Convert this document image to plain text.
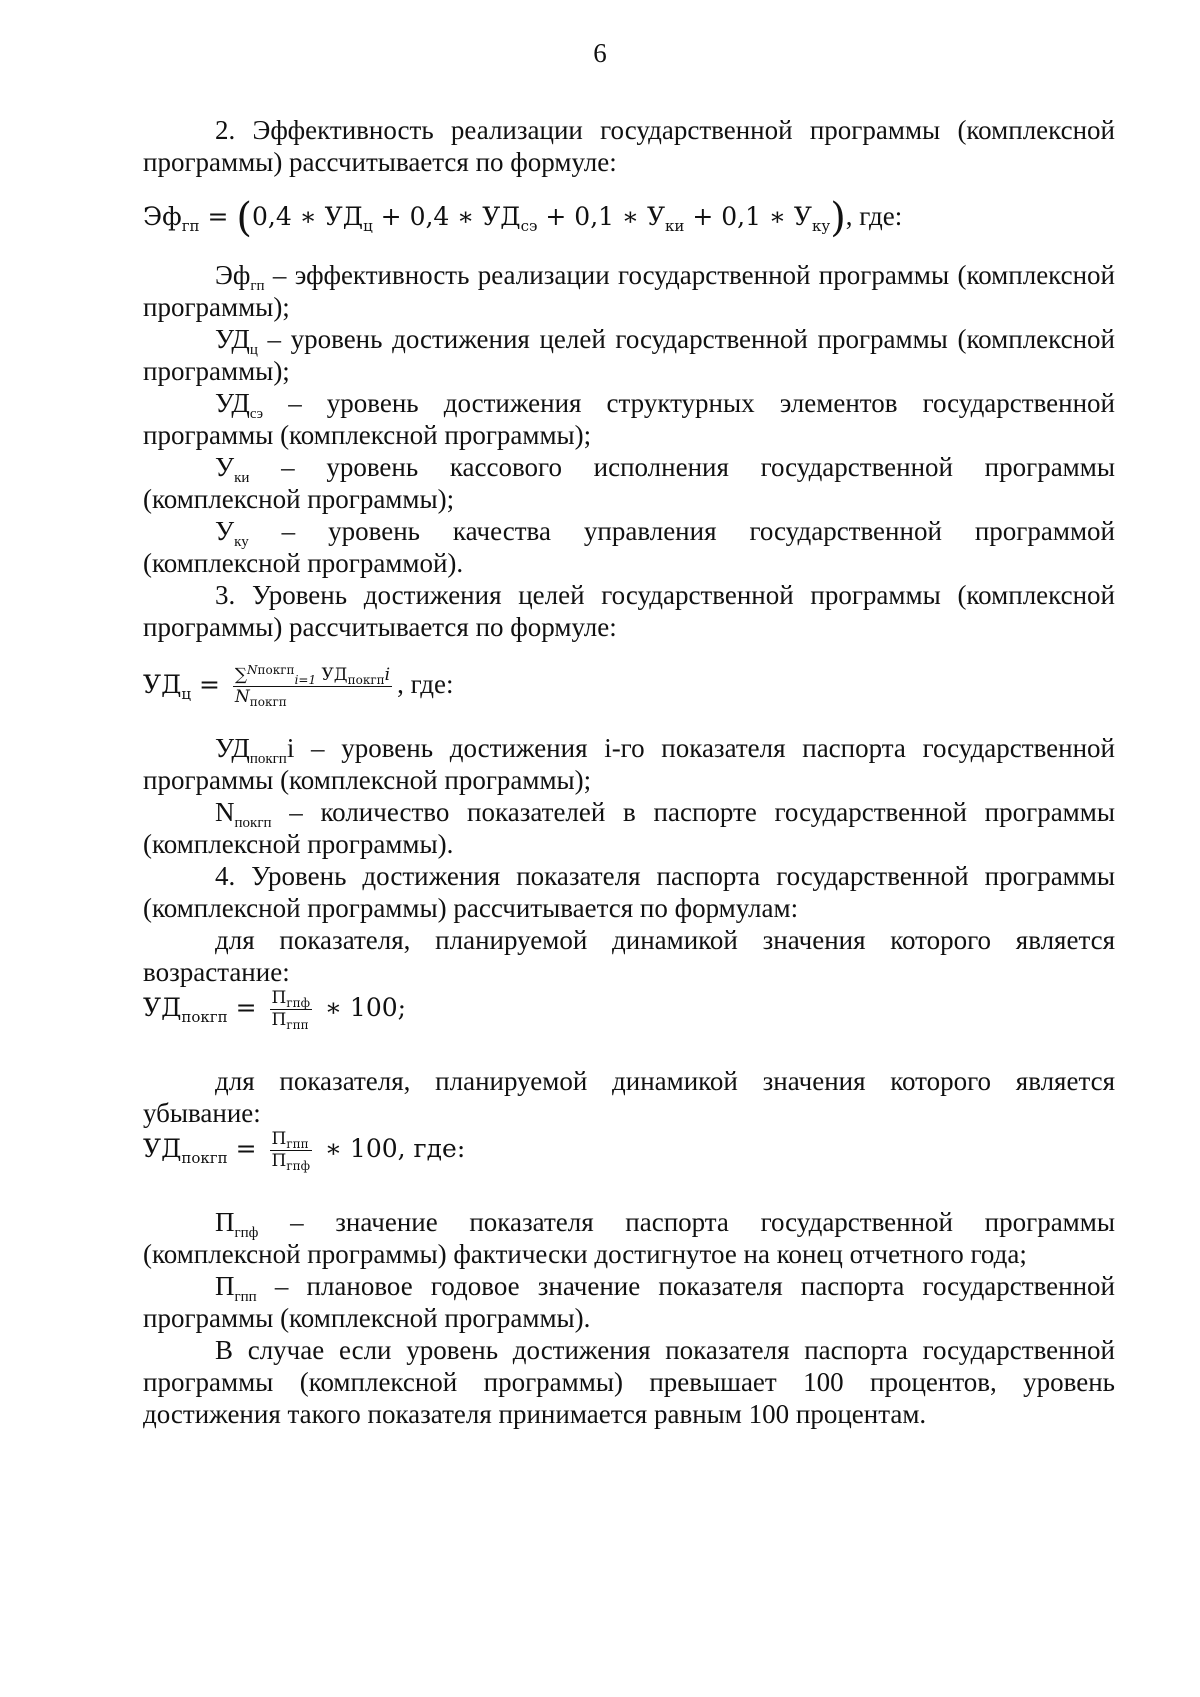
6

2. Эффективность реализации государственной программы (комплексной программы) рассчитывается по формуле:

$Эф_{гп} = (0,4$ ∗ $УД_ц + 0,4$ ∗ $УД_{сэ} + 0,1$ ∗ $У_{ки} + 0,1$ ∗ $У_{ку}$), где:

$Эф_{гп}$ – эффективность реализации государственной программы (комплексной программы);

$УД_ц$ – уровень достижения целей государственной программы (комплексной программы);

$УД_{сэ}$ – уровень достижения структурных элементов государственной программы (комплексной программы);

$У_{ки}$ – уровень кассового исполнения государственной программы (комплексной программы);

$У_{ку}$ – уровень качества управления государственной программой (комплексной программой).

3. Уровень достижения целей государственной программы (комплексной программы) рассчитывается по формуле:

$УД_ц = \frac{\sum^{Nпокгп}_{i=1} УД_{покгп}i}{N_{покгп}}$ , где:

$УД_{покгп}i$ – уровень достижения i-го показателя паспорта государственной программы (комплексной программы);

$N_{покгп}$ – количество показателей в паспорте государственной программы (комплексной программы).

4. Уровень достижения показателя паспорта государственной программы (комплексной программы) рассчитывается по формулам:

для показателя, планируемой динамикой значения которого является возрастание:

$УД_{покгп} = \frac{П_{гпф}}{П_{гпп}}$ ∗ 100;

для показателя, планируемой динамикой значения которого является убывание:

$УД_{покгп} = \frac{П_{гпп}}{П_{гпф}}$ ∗ 100, где:

$П_{гпф}$ – значение показателя паспорта государственной программы (комплексной программы) фактически достигнутое на конец отчетного года;

$П_{гпп}$ – плановое годовое значение показателя паспорта государственной программы (комплексной программы).

В случае если уровень достижения показателя паспорта государственной программы (комплексной программы) превышает 100 процентов, уровень достижения такого показателя принимается равным 100 процентам.
